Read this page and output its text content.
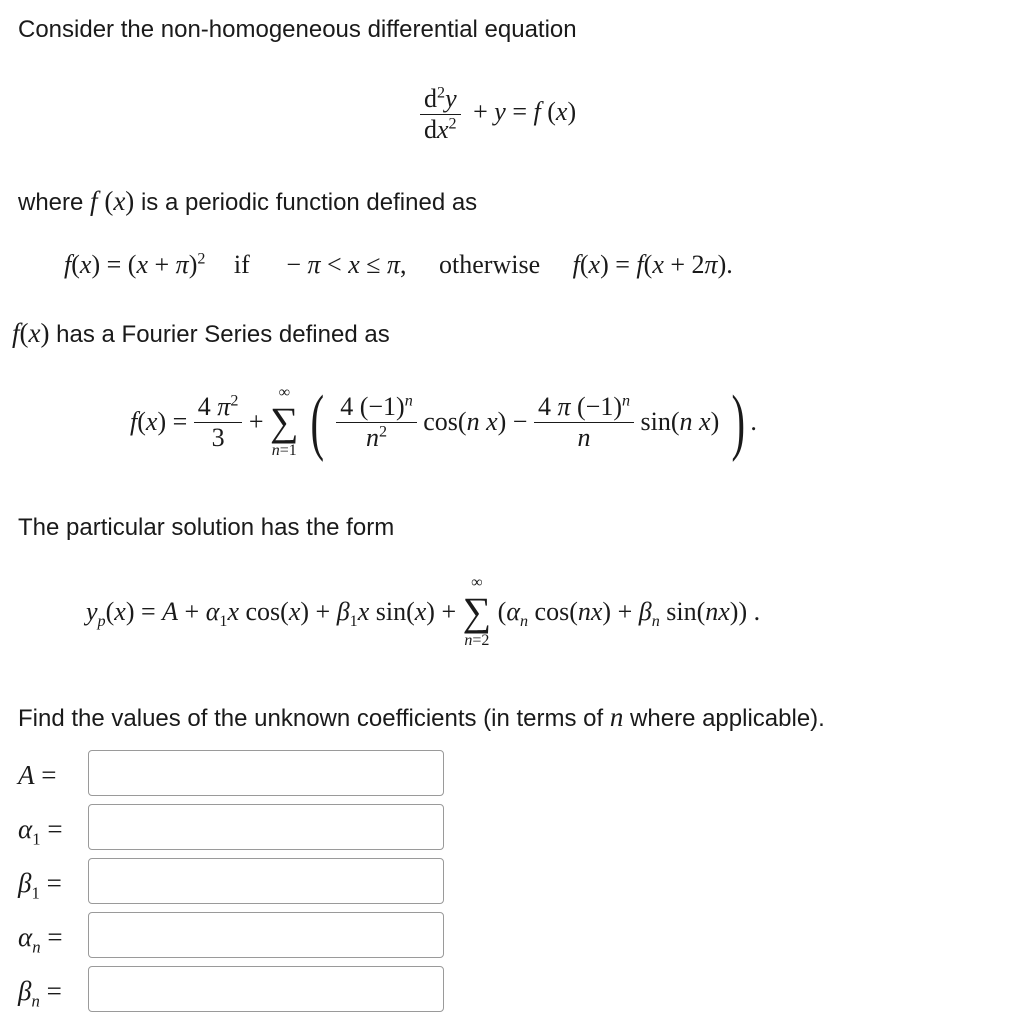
Consider the non-homogeneous differential equation
$\frac{d^2y}{dx^2} + y = f$ (x)
where f (x) is a periodic function defined as
$f(x) = (x + \pi)^2$ if − π < x ≤ π, otherwise f(x) = f(x + 2π).
f(x) has a Fourier Series defined as
$f(x) = \frac{4 \pi^2}{3}$ +
∞
∑
n=1 ( $\frac{4 (-1)^n}{n^2} \cos(n$ $x) - \frac{4 \pi (-1)^n}{n} \sin(n$ x) ) .
The particular solution has the form
$y_p(x) = A + \alpha_1x$ $\cos(x) + \beta_1x$ sin(x) +
∞
∑
n=2
($\alpha_n$ $\cos(nx) + \beta_n$ sin(nx)) .
Find the values of the unknown coefficients (in terms of n where applicable).
A =
$\alpha_1$ =
$\beta_1$ =
$\alpha_n$ =
$\beta_n$ =
